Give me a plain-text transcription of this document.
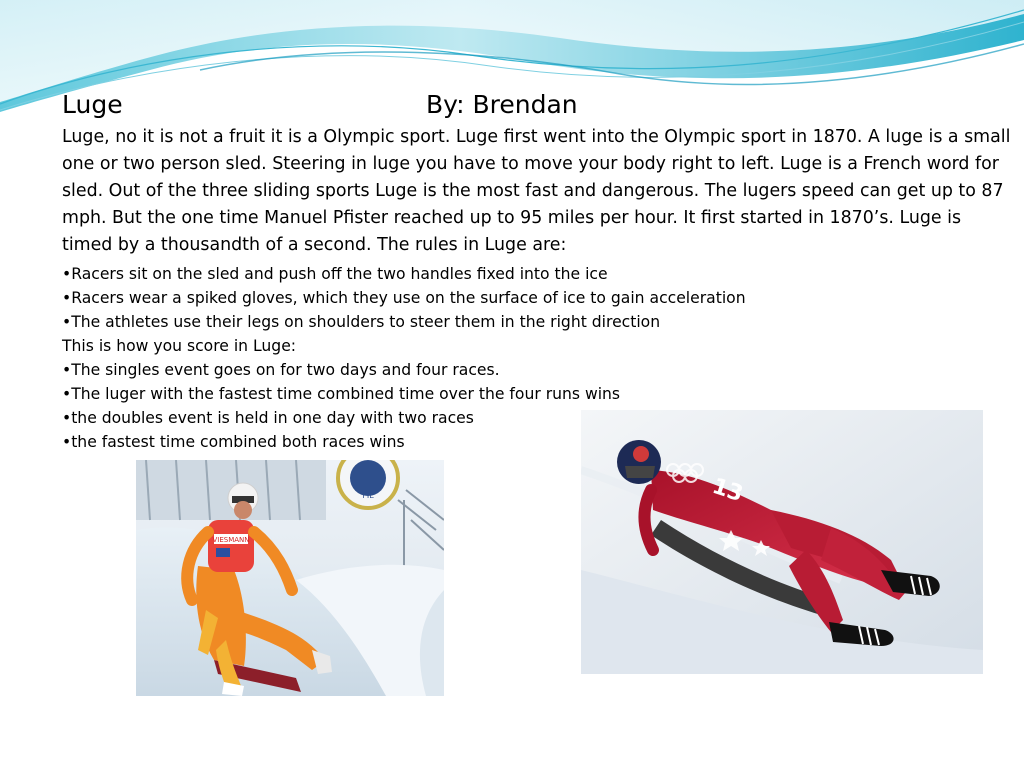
Luge	By: Brendan
Luge, no it is not a fruit it is a Olympic sport. Luge first went into the Olympic sport in 1870. A luge is a small one or two person sled. Steering in luge you have to move your body right to left. Luge is a French word for sled. Out of the three sliding sports Luge is the most fast and dangerous. The lugers speed can get up to 87 mph. But the one time Manuel Pfister reached up to 95 miles per hour. It first started in 1870’s. Luge is timed by a thousandth of a second. The rules in Luge are:
•Racers sit on the sled and push off the two handles fixed into the ice
•Racers wear a spiked gloves, which they use on the surface of ice to gain acceleration
•The athletes use their legs on shoulders to steer them in the right direction
This is how you score in Luge:
•The singles event goes on for two days and four races.
•The luger with the fastest time combined time over the four runs wins
•the doubles event is held in one day with two races
•the fastest time combined both races wins
FIL
VIESMANN
13
